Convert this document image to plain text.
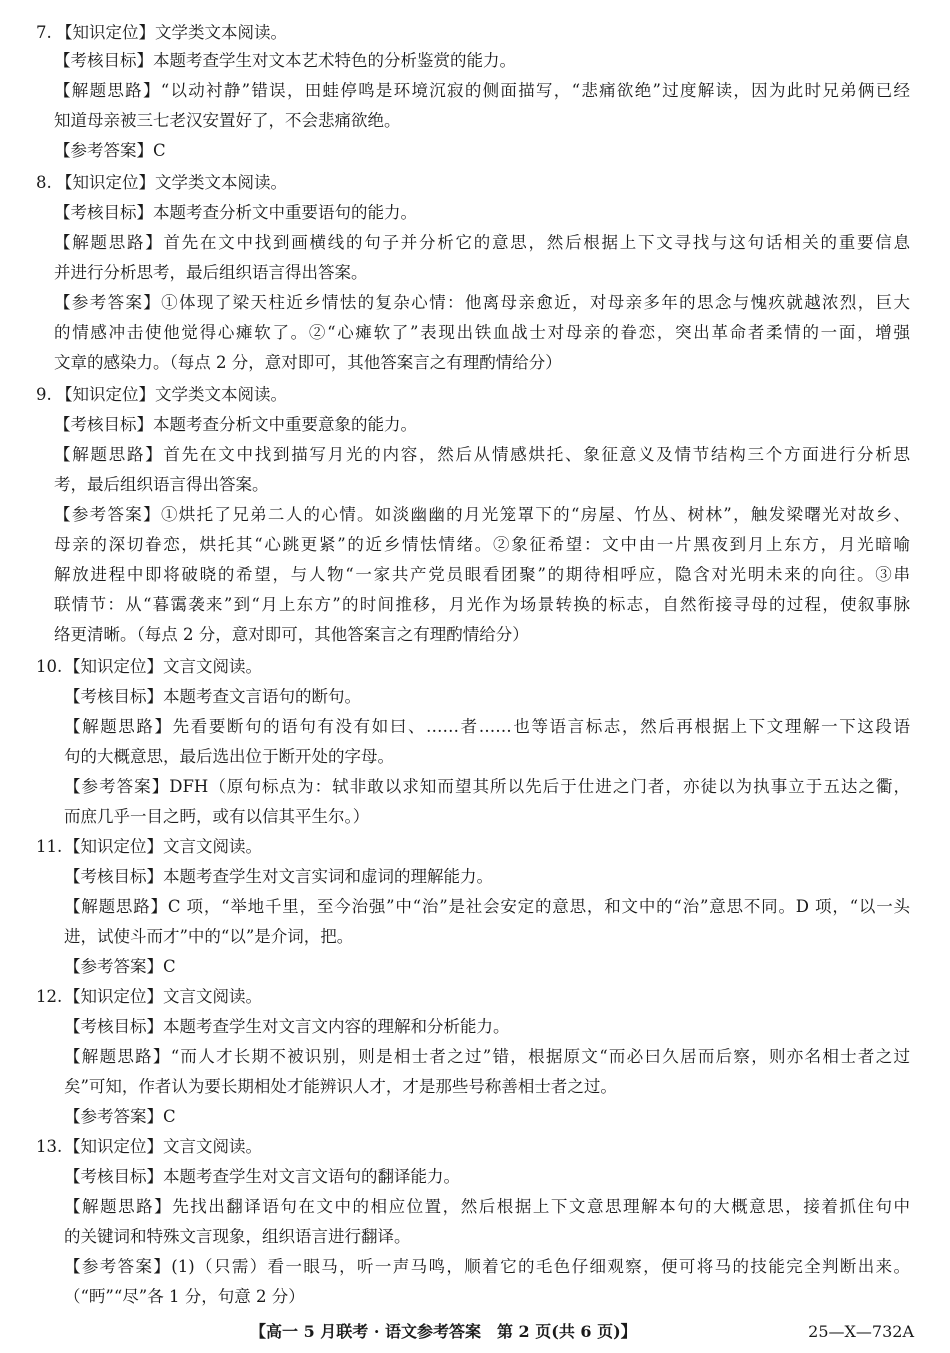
7. 【知识定位】文学类文本阅读。
【考核目标】本题考查学生对文本艺术特色的分析鉴赏的能力。
【解题思路】“以动衬静”错误，田蛙停鸣是环境沉寂的侧面描写，“悲痛欲绝”过度解读，因为此时兄弟俩已经
知道母亲被三七老汉安置好了，不会悲痛欲绝。
【参考答案】C
8. 【知识定位】文学类文本阅读。
【考核目标】本题考查分析文中重要语句的能力。
【解题思路】首先在文中找到画横线的句子并分析它的意思，然后根据上下文寻找与这句话相关的重要信息
并进行分析思考，最后组织语言得出答案。
【参考答案】①体现了梁天柱近乡情怯的复杂心情：他离母亲愈近，对母亲多年的思念与愧疚就越浓烈，巨大
的情感冲击使他觉得心瘫软了。②“心瘫软了”表现出铁血战士对母亲的眷恋，突出革命者柔情的一面，增强
文章的感染力。（每点 2 分，意对即可，其他答案言之有理酌情给分）
9. 【知识定位】文学类文本阅读。
【考核目标】本题考查分析文中重要意象的能力。
【解题思路】首先在文中找到描写月光的内容，然后从情感烘托、象征意义及情节结构三个方面进行分析思
考，最后组织语言得出答案。
【参考答案】①烘托了兄弟二人的心情。如淡幽幽的月光笼罩下的“房屋、竹丛、树林”，触发梁曙光对故乡、
母亲的深切眷恋，烘托其“心跳更紧”的近乡情怯情绪。②象征希望：文中由一片黑夜到月上东方，月光暗喻
解放进程中即将破晓的希望，与人物“一家共产党员眼看团聚”的期待相呼应，隐含对光明未来的向往。③串
联情节：从“暮霭袭来”到“月上东方”的时间推移，月光作为场景转换的标志，自然衔接寻母的过程，使叙事脉
络更清晰。（每点 2 分，意对即可，其他答案言之有理酌情给分）
10. 【知识定位】文言文阅读。
【考核目标】本题考查文言语句的断句。
【解题思路】先看要断句的语句有没有如曰、……者……也等语言标志，然后再根据上下文理解一下这段语
句的大概意思，最后选出位于断开处的字母。
【参考答案】DFH（原句标点为：轼非敢以求知而望其所以先后于仕进之门者，亦徒以为执事立于五达之衢，
而庶几乎一目之眄，或有以信其平生尔。）
11. 【知识定位】文言文阅读。
【考核目标】本题考查学生对文言实词和虚词的理解能力。
【解题思路】C 项，“举地千里，至今治强”中“治”是社会安定的意思，和文中的“治”意思不同。D 项，“以一头
进，试使斗而才”中的“以”是介词，把。
【参考答案】C
12. 【知识定位】文言文阅读。
【考核目标】本题考查学生对文言文内容的理解和分析能力。
【解题思路】“而人才长期不被识别，则是相士者之过”错，根据原文“而必曰久居而后察，则亦名相士者之过
矣”可知，作者认为要长期相处才能辨识人才，才是那些号称善相士者之过。
【参考答案】C
13. 【知识定位】文言文阅读。
【考核目标】本题考查学生对文言文语句的翻译能力。
【解题思路】先找出翻译语句在文中的相应位置，然后根据上下文意思理解本句的大概意思，接着抓住句中
的关键词和特殊文言现象，组织语言进行翻译。
【参考答案】(1)（只需）看一眼马，听一声马鸣，顺着它的毛色仔细观察，便可将马的技能完全判断出来。
（“眄”“尽”各 1 分，句意 2 分）
【高一 5 月联考 · 语文参考答案　第 2 页(共 6 页)】	25—X—732A
